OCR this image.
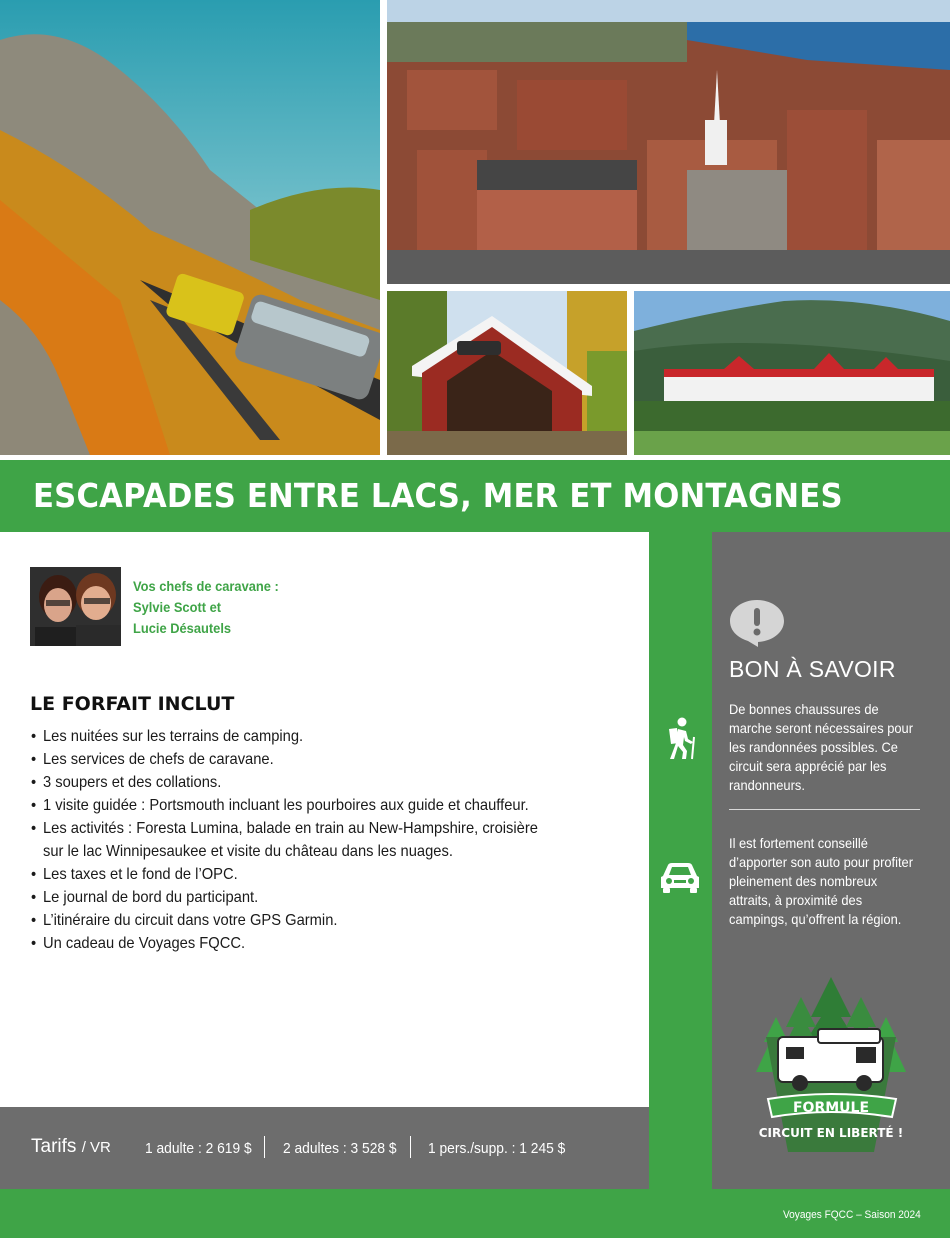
ESCAPADES ENTRE LACS, MER ET MONTAGNES
Vos chefs de caravane :
Sylvie Scott et
Lucie Désautels
LE FORFAIT INCLUT
• Les nuitées sur les terrains de camping.
• Les services de chefs de caravane.
• 3 soupers et des collations.
• 1 visite guidée : Portsmouth incluant les pourboires aux guide et chauffeur.
• Les activités : Foresta Lumina, balade en train au New-Hampshire, croisière
sur le lac Winnipesaukee et visite du château dans les nuages.
• Les taxes et le fond de l’OPC.
• Le journal de bord du participant.
• L’itinéraire du circuit dans votre GPS Garmin.
• Un cadeau de Voyages FQCC.
Tarifs / VR 1 adulte : 2 619 $ 2 adultes : 3 528 $ 1 pers./supp. : 1 245 $
BON À SAVOIR

De bonnes chaussures de marche seront nécessaires pour les randonnées possibles. Ce circuit sera apprécié par les randonneurs.

Il est fortement conseillé d’apporter son auto pour profiter pleinement des nombreux attraits, à proximité des campings, qu’offrent la région.

FORMULE
CIRCUIT EN LIBERTÉ !
Voyages FQCC – Saison 2024
